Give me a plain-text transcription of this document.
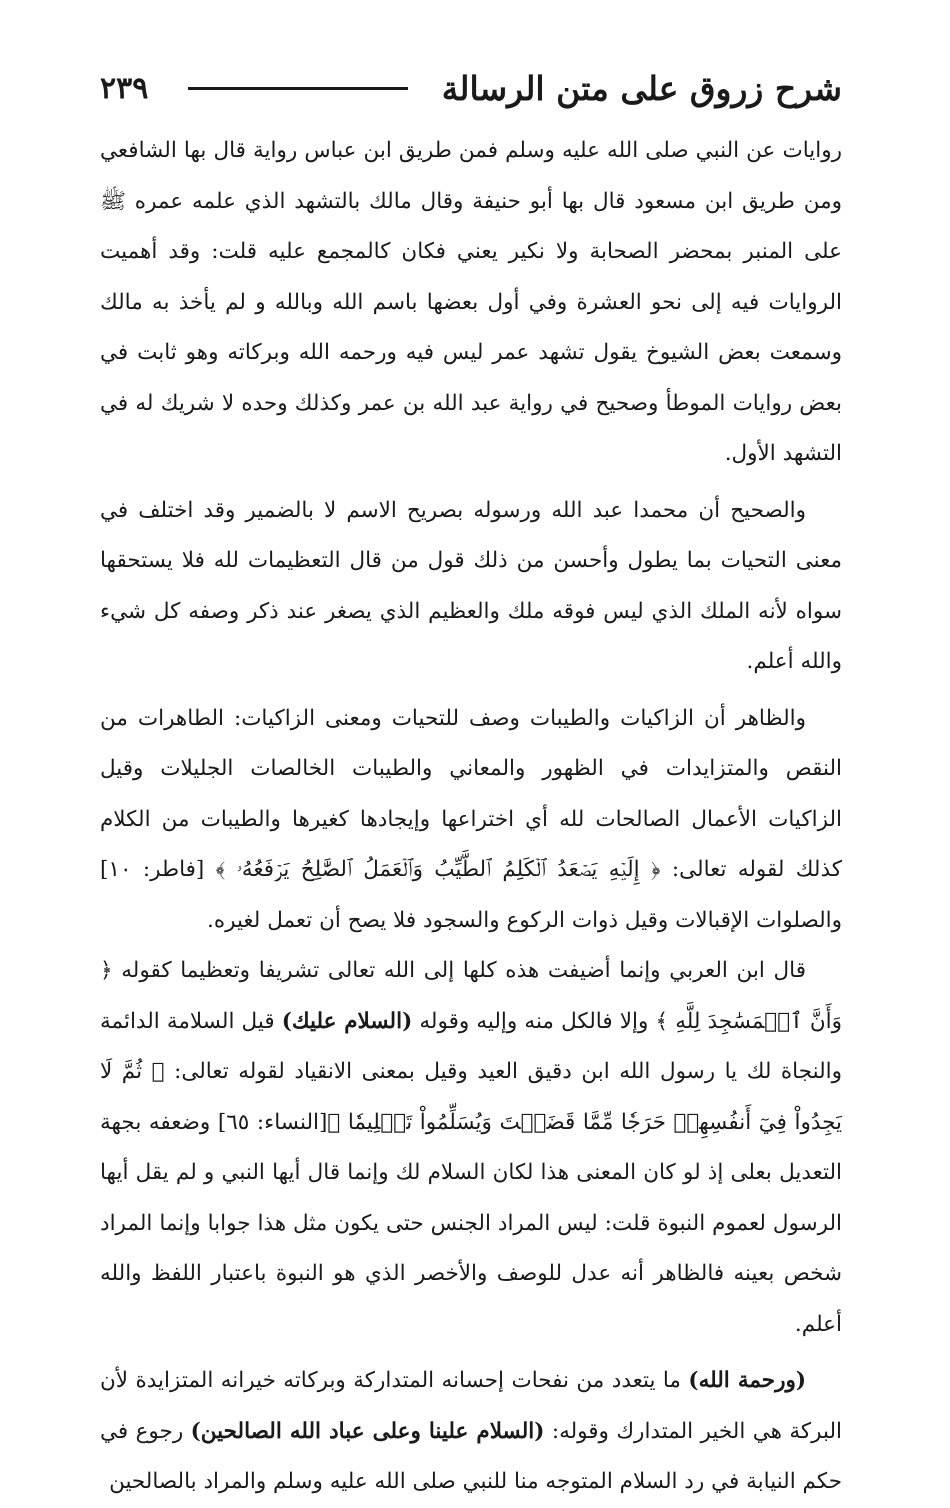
شرح زروق على متن الرسالة
٢٣٩

روايات عن النبي صلى الله عليه وسلم فمن طريق ابن عباس رواية قال بها الشافعي ومن طريق ابن مسعود قال بها أبو حنيفة وقال مالك بالتشهد الذي علمه عمره ﷺ على المنبر بمحضر الصحابة ولا نكير يعني فكان كالمجمع عليه قلت: وقد أهميت الروايات فيه إلى نحو العشرة وفي أول بعضها باسم الله وبالله و لم يأخذ به مالك وسمعت بعض الشيوخ يقول تشهد عمر ليس فيه ورحمه الله وبركاته وهو ثابت في بعض روايات الموطأ وصحيح في رواية عبد الله بن عمر وكذلك وحده لا شريك له في التشهد الأول.

والصحيح أن محمدا عبد الله ورسوله بصريح الاسم لا بالضمير وقد اختلف في معنى التحيات بما يطول وأحسن من ذلك قول من قال التعظيمات لله فلا يستحقها سواه لأنه الملك الذي ليس فوقه ملك والعظيم الذي يصغر عند ذكر وصفه كل شيء والله أعلم.

والظاهر أن الزاكيات والطيبات وصف للتحيات ومعنى الزاكيات: الطاهرات من النقص والمتزايدات في الظهور والمعاني والطيبات الخالصات الجليلات وقيل الزاكيات الأعمال الصالحات لله أي اختراعها وإيجادها كغيرها والطيبات من الكلام كذلك لقوله تعالى: ﴿ إِلَيۡهِ يَصۡعَدُ ٱلۡكَلِمُ ٱلطَّيِّبُ وَٱلۡعَمَلُ ٱلصَّٰلِحُ يَرۡفَعُهُۥ ﴾ [فاطر: ١٠] والصلوات الإقبالات وقيل ذوات الركوع والسجود فلا يصح أن تعمل لغيره.

قال ابن العربي وإنما أضيفت هذه كلها إلى الله تعالى تشريفا وتعظيما كقوله ﴿ وَأَنَّ ٱلۡمَسَٰجِدَ لِلَّهِ ﴾ وإلا فالكل منه وإليه وقوله (السلام عليك) قيل السلامة الدائمة والنجاة لك يا رسول الله ابن دقيق العيد وقيل بمعنى الانقياد لقوله تعالى: ﴿ ثُمَّ لَا يَجِدُواْ فِيٓ أَنفُسِهِمۡ حَرَجٗا مِّمَّا قَضَيۡتَ وَيُسَلِّمُواْ تَسۡلِيمٗا ﴾[النساء: ٦٥] وضعفه بجهة التعديل بعلى إذ لو كان المعنى هذا لكان السلام لك وإنما قال أيها النبي و لم يقل أيها الرسول لعموم النبوة قلت: ليس المراد الجنس حتى يكون مثل هذا جوابا وإنما المراد شخص بعينه فالظاهر أنه عدل للوصف والأخصر الذي هو النبوة باعتبار اللفظ والله أعلم.

(ورحمة الله) ما يتعدد من نفحات إحسانه المتداركة وبركاته خيرانه المتزايدة لأن البركة هي الخير المتدارك وقوله: (السلام علينا وعلى عباد الله الصالحين) رجوع في حكم النيابة في رد السلام المتوجه منا للنبي صلى الله عليه وسلم والمراد بالصالحين
